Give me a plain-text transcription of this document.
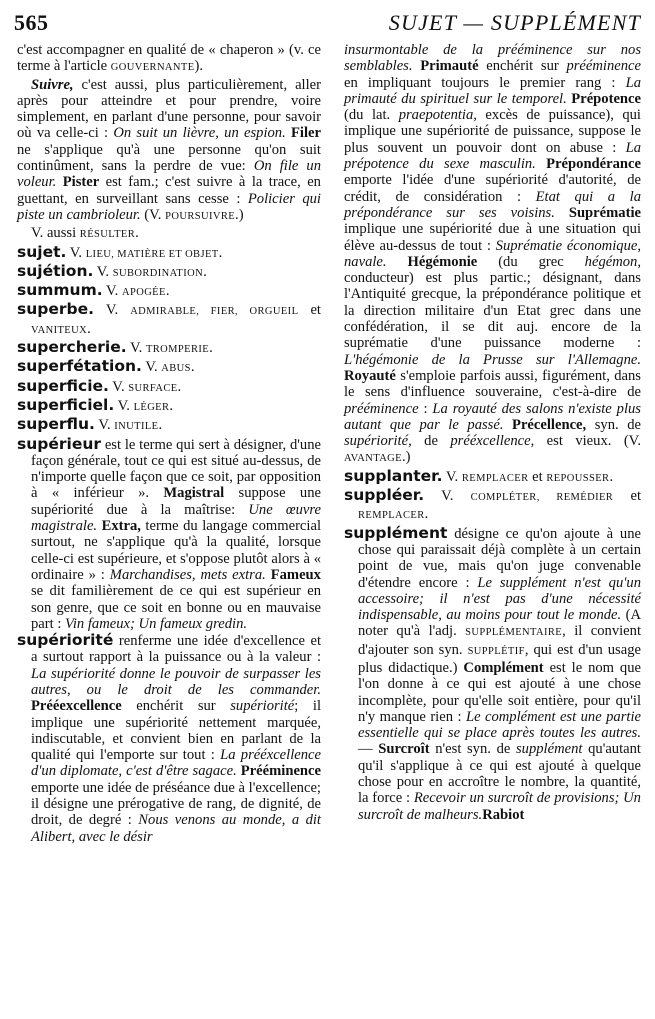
565	SUJET — SUPPLÉMENT

c'est accompagner en qualité de « chaperon » (v. ce terme à l'article GOUVERNANTE).

Suivre, c'est aussi, plus particulièrement, aller après pour atteindre et pour prendre, voire simplement, en parlant d'une personne, pour savoir où va celle-ci : On suit un lièvre, un espion. Filer ne s'applique qu'à une personne qu'on suit continûment, sans la perdre de vue: On file un voleur. Pister est fam.; c'est suivre à la trace, en guettant, en surveillant sans cesse : Policier qui piste un cambrioleur. (V. POURSUIVRE.)

V. aussi RÉSULTER.

sujet. V. LIEU, MATIÈRE ET OBJET.

sujétion. V. SUBORDINATION.

summum. V. APOGÉE.

superbe. V. ADMIRABLE, FIER, ORGUEIL et VANITEUX.

supercherie. V. TROMPERIE.

superfétation. V. ABUS.

superficie. V. SURFACE.

superficiel. V. LÉGER.

superflu. V. INUTILE.

supérieur est le terme qui sert à désigner, d'une façon générale, tout ce qui est situé au-dessus, de n'importe quelle façon que ce soit, par opposition à « inférieur ». Magistral suppose une supériorité due à la maîtrise: Une œuvre magistrale. Extra, terme du langage commercial surtout, ne s'applique qu'à la qualité, lorsque celle-ci est supérieure, et s'oppose plutôt alors à « ordinaire » : Marchandises, mets extra. Fameux se dit familièrement de ce qui est supérieur en son genre, que ce soit en bonne ou en mauvaise part : Vin fameux; Un fameux gredin.

supériorité renferme une idée d'excellence et a surtout rapport à la puissance ou à la valeur : La supériorité donne le pouvoir de surpasser les autres, ou le droit de les commander. Prééexcellence enchérit sur supériorité; il implique une supériorité nettement marquée, indiscutable, et convient bien en parlant de la qualité qui l'emporte sur tout : La prééxcellence d'un diplomate, c'est d'être sagace. Prééminence emporte une idée de préséance due à l'excellence; il désigne une prérogative de rang, de dignité, de droit, de degré : Nous venons au monde, a dit Alibert, avec le désir

insurmontable de la prééminence sur nos semblables. Primauté enchérit sur prééminence en impliquant toujours le premier rang : La primauté du spirituel sur le temporel. Prépotence (du lat. praepotentia, excès de puissance), qui implique une supériorité de puissance, suppose le plus souvent un pouvoir dont on abuse : La prépotence du sexe masculin. Prépondérance emporte l'idée d'une supériorité d'autorité, de crédit, de considération : Etat qui a la prépondérance sur ses voisins. Suprématie implique une supériorité due à une situation qui élève au-dessus de tout : Suprématie économique, navale. Hégémonie (du grec hégémon, conducteur) est plus partic.; désignant, dans l'Antiquité grecque, la prépondérance politique et la direction militaire d'un Etat grec dans une confédération, il se dit auj. encore de la suprématie d'une puissance moderne : L'hégémonie de la Prusse sur l'Allemagne. Royauté s'emploie parfois aussi, figurément, dans le sens d'influence souveraine, c'est-à-dire de prééminence : La royauté des salons n'existe plus autant que par le passé. Précellence, syn. de supériorité, de prééxcellence, est vieux. (V. AVANTAGE.)

supplanter. V. REMPLACER et REPOUSSER.

suppléer. V. COMPLÉTER, REMÉDIER et REMPLACER.

supplément désigne ce qu'on ajoute à une chose qui paraissait déjà complète à un certain point de vue, mais qu'on juge convenable d'étendre encore : Le supplément n'est qu'un accessoire; il n'est pas d'une nécessité indispensable, au moins pour tout le monde. (A noter qu'à l'adj. SUPPLÉMENTAIRE, il convient d'ajouter son syn. SUPPLÉTIF, qui est d'un usage plus didactique.) Complément est le nom que l'on donne à ce qui est ajouté à une chose incomplète, pour qu'elle soit entière, pour qu'il n'y manque rien : Le complément est une partie essentielle qui se place après toutes les autres. — Surcroît n'est syn. de supplément qu'autant qu'il s'applique à ce qui est ajouté à quelque chose pour en accroître le nombre, la quantité, la force : Recevoir un surcroît de provisions; Un surcroît de malheurs.Rabiot
